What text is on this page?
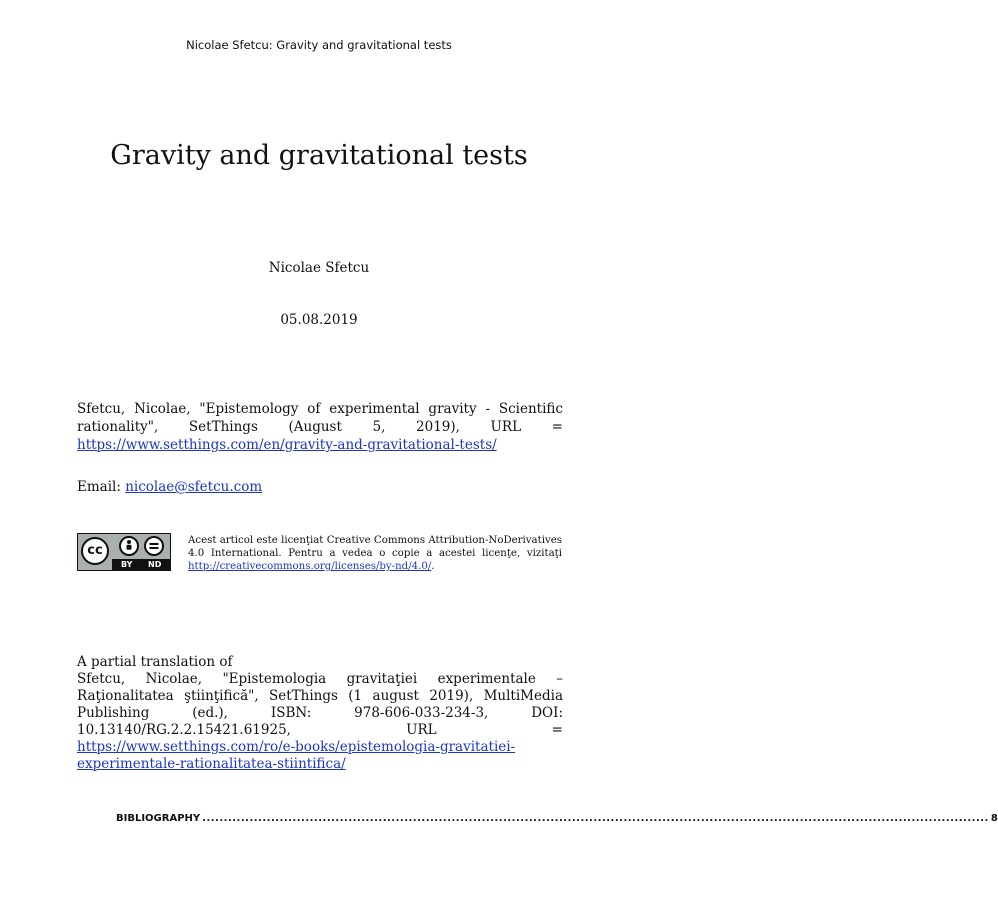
Nicolae Sfetcu: Gravity and gravitational tests
Gravity and gravitational tests
Nicolae Sfetcu
05.08.2019

Sfetcu, Nicolae, "Epistemology of experimental gravity - Scientific rationality", SetThings (August 5, 2019), URL = https://www.setthings.com/en/gravity-and-gravitational-tests/

Email: nicolae@sfetcu.com
cc
BY ND

Acest articol este licenţiat Creative Commons Attribution-NoDerivatives 4.0 International. Pentru a vedea o copie a acestei licenţe, vizitaţi http://creativecommons.org/licenses/by-nd/4.0/.

A partial translation of

Sfetcu, Nicolae, "Epistemologia gravitaţiei experimentale – Raţionalitatea ştiinţifică", SetThings (1 august 2019), MultiMedia Publishing (ed.), ISBN: 978-606-033-234-3, DOI: 10.13140/RG.2.2.15421.61925, URL = https://www.setthings.com/ro/e-books/epistemologia-gravitatiei-experimentale-rationalitatea-stiintifica/

BIBLIOGRAPHY ....................................................................................................................................................................................... 8
